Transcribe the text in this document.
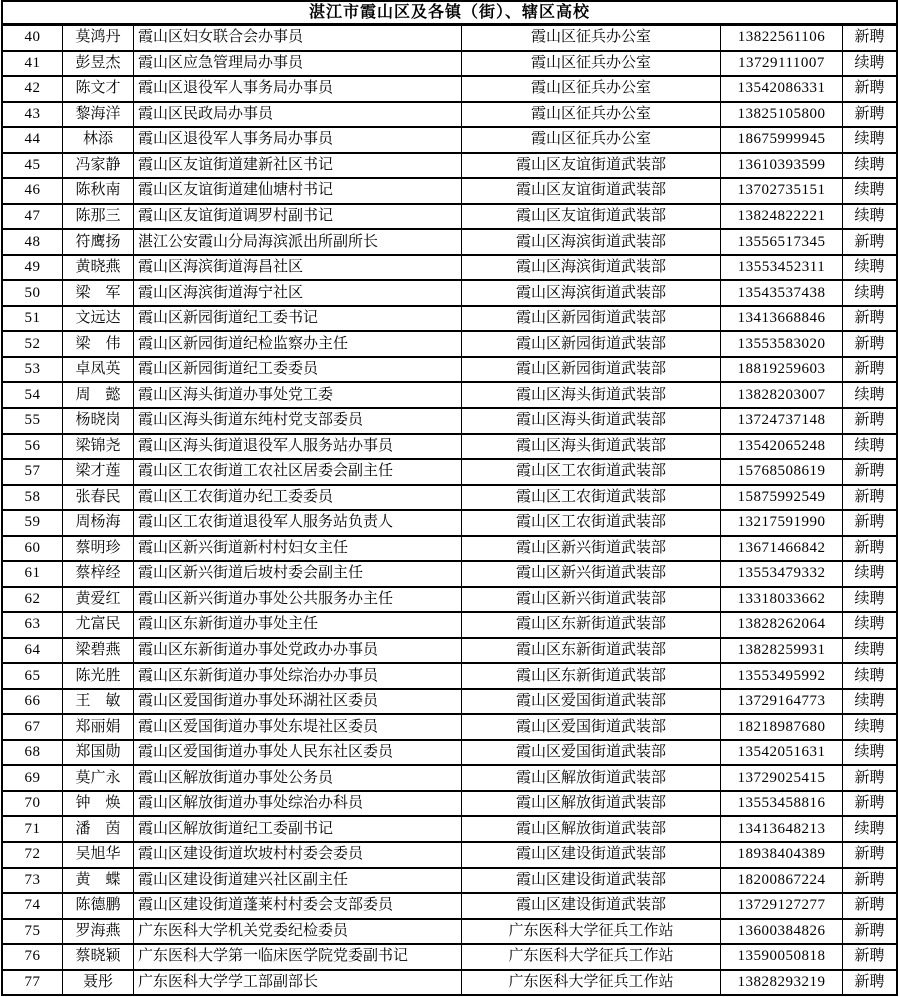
湛江市霞山区及各镇（街）、辖区高校
40	莫鸿丹	霞山区妇女联合会办事员	霞山区征兵办公室	13822561106	新聘
41	彭昱杰	霞山区应急管理局办事员	霞山区征兵办公室	13729111007	续聘
42	陈文才	霞山区退役军人事务局办事员	霞山区征兵办公室	13542086331	新聘
43	黎海洋	霞山区民政局办事员	霞山区征兵办公室	13825105800	新聘
44	林添	霞山区退役军人事务局办事员	霞山区征兵办公室	18675999945	续聘
45	冯家静	霞山区友谊街道建新社区书记	霞山区友谊街道武装部	13610393599	续聘
46	陈秋南	霞山区友谊街道建仙塘村书记	霞山区友谊街道武装部	13702735151	续聘
47	陈那三	霞山区友谊街道调罗村副书记	霞山区友谊街道武装部	13824822221	续聘
48	符鹰扬	湛江公安霞山分局海滨派出所副所长	霞山区海滨街道武装部	13556517345	新聘
49	黄晓燕	霞山区海滨街道海昌社区	霞山区海滨街道武装部	13553452311	续聘
50	梁　军	霞山区海滨街道海宁社区	霞山区海滨街道武装部	13543537438	续聘
51	文远达	霞山区新园街道纪工委书记	霞山区新园街道武装部	13413668846	新聘
52	梁　伟	霞山区新园街道纪检监察办主任	霞山区新园街道武装部	13553583020	新聘
53	卓凤英	霞山区新园街道纪工委委员	霞山区新园街道武装部	18819259603	新聘
54	周　懿	霞山区海头街道办事处党工委	霞山区海头街道武装部	13828203007	续聘
55	杨晓岗	霞山区海头街道东纯村党支部委员	霞山区海头街道武装部	13724737148	新聘
56	梁锦尧	霞山区海头街道退役军人服务站办事员	霞山区海头街道武装部	13542065248	续聘
57	梁才莲	霞山区工农街道工农社区居委会副主任	霞山区工农街道武装部	15768508619	新聘
58	张春民	霞山区工农街道办纪工委委员	霞山区工农街道武装部	15875992549	新聘
59	周杨海	霞山区工农街道退役军人服务站负责人	霞山区工农街道武装部	13217591990	新聘
60	蔡明珍	霞山区新兴街道新村村妇女主任	霞山区新兴街道武装部	13671466842	新聘
61	蔡梓经	霞山区新兴街道后坡村委会副主任	霞山区新兴街道武装部	13553479332	续聘
62	黄爱红	霞山区新兴街道办事处公共服务办主任	霞山区新兴街道武装部	13318033662	续聘
63	尤富民	霞山区东新街道办事处主任	霞山区东新街道武装部	13828262064	续聘
64	梁碧燕	霞山区东新街道办事处党政办办事员	霞山区东新街道武装部	13828259931	续聘
65	陈光胜	霞山区东新街道办事处综治办办事员	霞山区东新街道武装部	13553495992	续聘
66	王　敏	霞山区爱国街道办事处环湖社区委员	霞山区爱国街道武装部	13729164773	续聘
67	郑丽娟	霞山区爱国街道办事处东堤社区委员	霞山区爱国街道武装部	18218987680	续聘
68	郑国勋	霞山区爱国街道办事处人民东社区委员	霞山区爱国街道武装部	13542051631	续聘
69	莫广永	霞山区解放街道办事处公务员	霞山区解放街道武装部	13729025415	新聘
70	钟　焕	霞山区解放街道办事处综治办科员	霞山区解放街道武装部	13553458816	新聘
71	潘　茵	霞山区解放街道纪工委副书记	霞山区解放街道武装部	13413648213	续聘
72	吴旭华	霞山区建设街道坎坡村村委会委员	霞山区建设街道武装部	18938404389	新聘
73	黄　蝶	霞山区建设街道建兴社区副主任	霞山区建设街道武装部	18200867224	新聘
74	陈德鹏	霞山区建设街道蓬莱村村委会支部委员	霞山区建设街道武装部	13729127277	新聘
75	罗海燕	广东医科大学机关党委纪检委员	广东医科大学征兵工作站	13600384826	新聘
76	蔡晓颖	广东医科大学第一临床医学院党委副书记	广东医科大学征兵工作站	13590050818	新聘
77	聂彤	广东医科大学学工部副部长	广东医科大学征兵工作站	13828293219	新聘
